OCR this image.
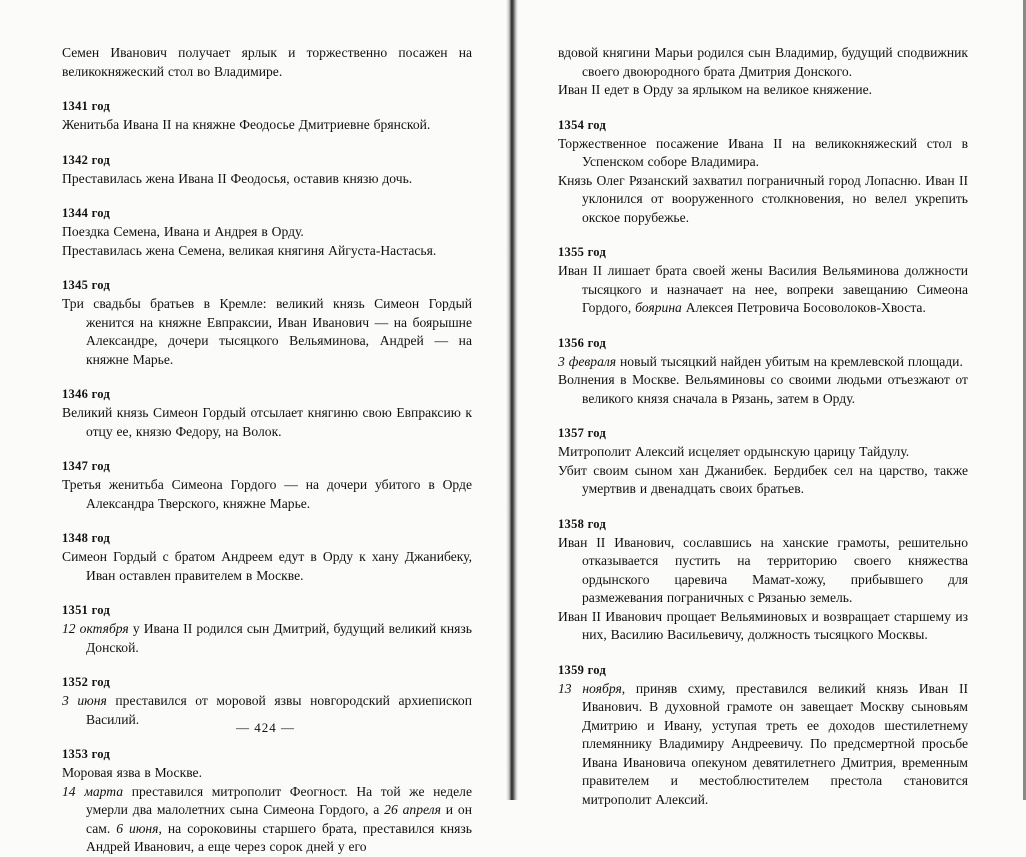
Семен Иванович получает ярлык и торжественно посажен на великокняжеский стол во Владимире.
1341 год
Женитьба Ивана II на княжне Феодосье Дмитриевне брянской.
1342 год
Преставилась жена Ивана II Феодосья, оставив князю дочь.
1344 год
Поездка Семена, Ивана и Андрея в Орду.
Преставилась жена Семена, великая княгиня Айгуста-Настасья.
1345 год
Три свадьбы братьев в Кремле: великий князь Симеон Гордый женится на княжне Евпраксии, Иван Иванович — на боярышне Александре, дочери тысяцкого Вельяминова, Андрей — на княжне Марье.
1346 год
Великий князь Симеон Гордый отсылает княгиню свою Евпраксию к отцу ее, князю Федору, на Волок.
1347 год
Третья женитьба Симеона Гордого — на дочери убитого в Орде Александра Тверского, княжне Марье.
1348 год
Симеон Гордый с братом Андреем едут в Орду к хану Джанибеку, Иван оставлен правителем в Москве.
1351 год
12 октября у Ивана II родился сын Дмитрий, будущий великий князь Донской.
1352 год
3 июня преставился от моровой язвы новгородский архиепископ Василий.
1353 год
Моровая язва в Москве.
14 марта преставился митрополит Феогност. На той же неделе умерли два малолетних сына Симеона Гордого, а 26 апреля и он сам. 6 июня, на сороковины старшего брата, преставился князь Андрей Иванович, а еще через сорок дней у его
— 424 —
вдовой княгини Марьи родился сын Владимир, будущий сподвижник своего двоюродного брата Дмитрия Донского.
Иван II едет в Орду за ярлыком на великое княжение.
1354 год
Торжественное посажение Ивана II на великокняжеский стол в Успенском соборе Владимира.
Князь Олег Рязанский захватил пограничный город Лопасню. Иван II уклонился от вооруженного столкновения, но велел укрепить окское порубежье.
1355 год
Иван II лишает брата своей жены Василия Вельяминова должности тысяцкого и назначает на нее, вопреки завещанию Симеона Гордого, боярина Алексея Петровича Босоволоков-Хвоста.
1356 год
3 февраля новый тысяцкий найден убитым на кремлевской площади.
Волнения в Москве. Вельяминовы со своими людьми отъезжают от великого князя сначала в Рязань, затем в Орду.
1357 год
Митрополит Алексий исцеляет ордынскую царицу Тайдулу.
Убит своим сыном хан Джанибек. Бердибек сел на царство, также умертвив и двенадцать своих братьев.
1358 год
Иван II Иванович, сославшись на ханские грамоты, решительно отказывается пустить на территорию своего княжества ордынского царевича Мамат-хожу, прибывшего для размежевания пограничных с Рязанью земель.
Иван II Иванович прощает Вельяминовых и возвращает старшему из них, Василию Васильевичу, должность тысяцкого Москвы.
1359 год
13 ноября, приняв схиму, преставился великий князь Иван II Иванович. В духовной грамоте он завещает Москву сыновьям Дмитрию и Ивану, уступая треть ее доходов шестилетнему племяннику Владимиру Андреевичу. По предсмертной просьбе Ивана Ивановича опекуном девятилетнего Дмитрия, временным правителем и местоблюстителем престола становится митрополит Алексий.
